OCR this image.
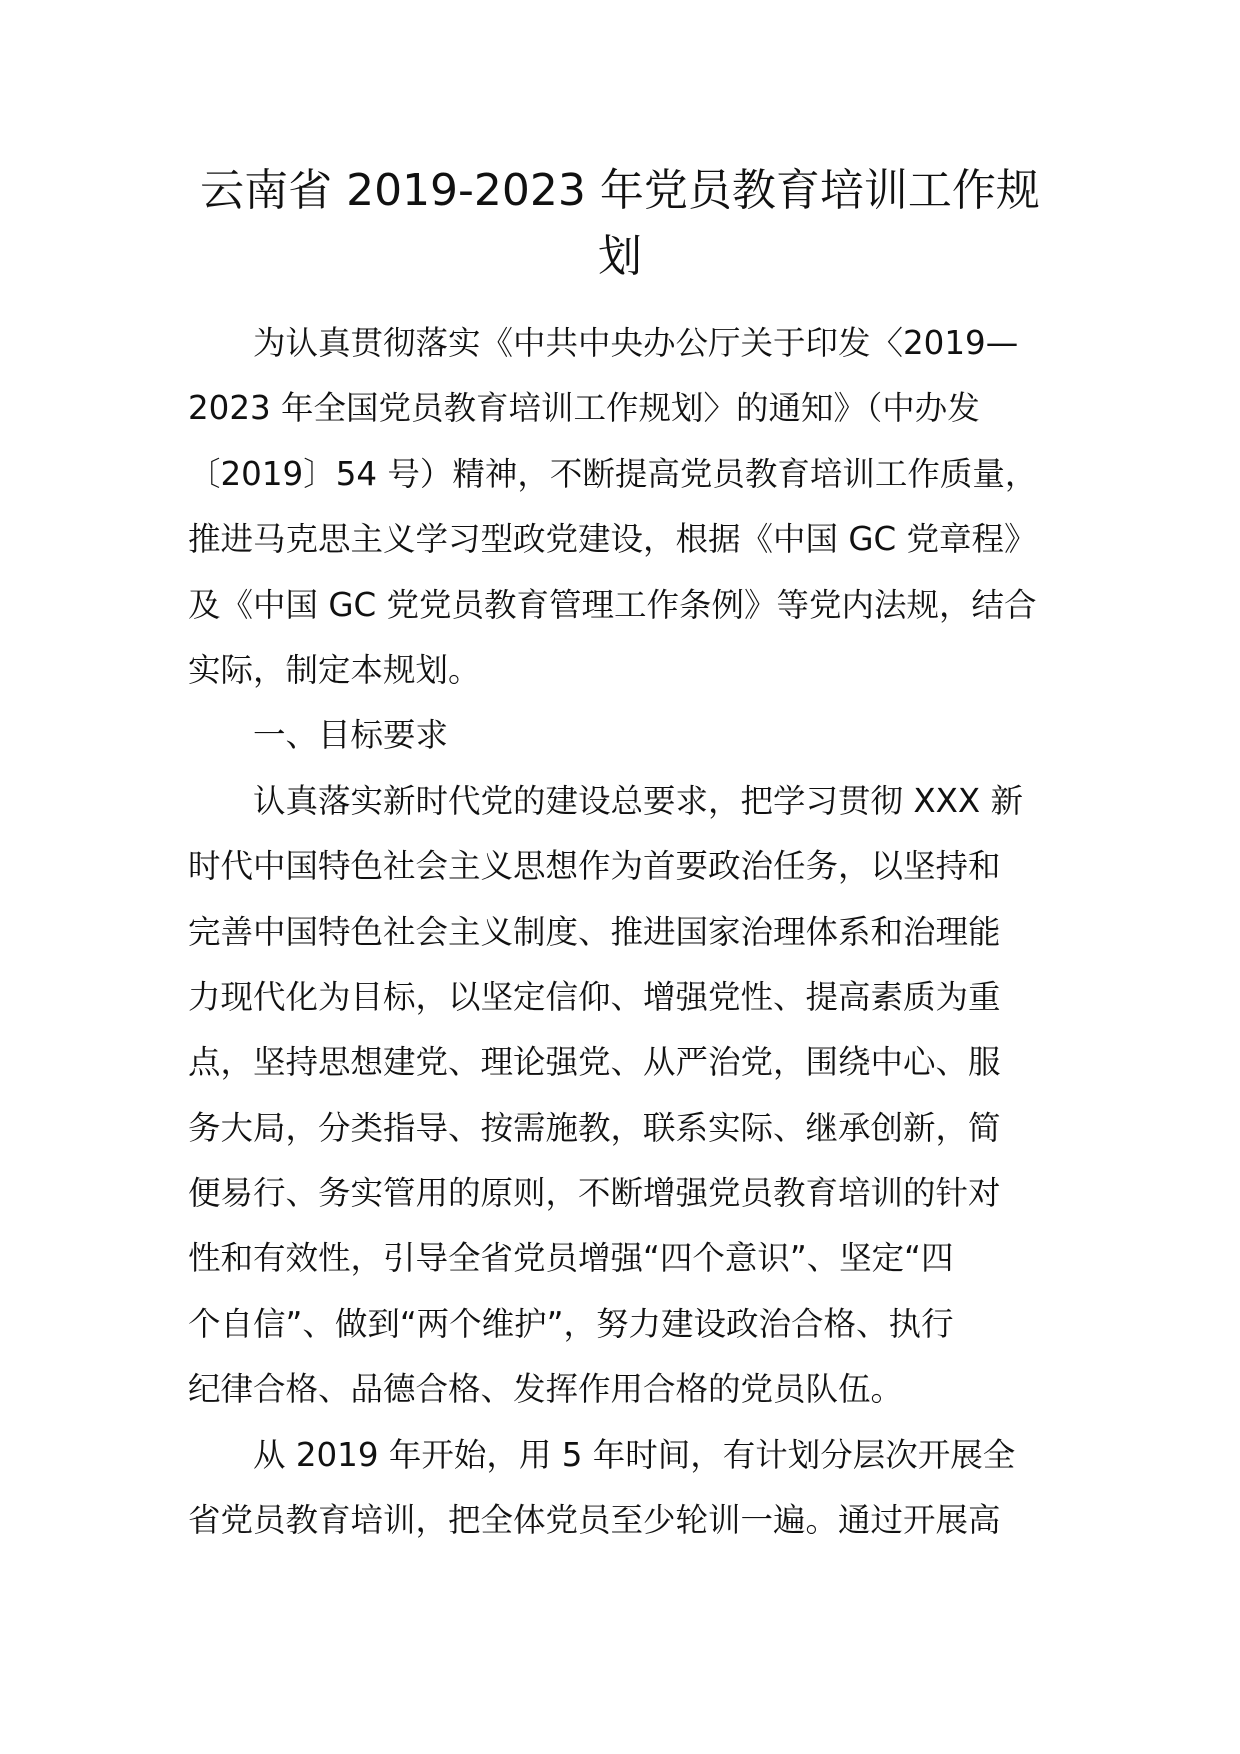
云南省 2019-2023 年党员教育培训工作规
划
为认真贯彻落实《中共中央办公厅关于印发〈2019—
2023 年全国党员教育培训工作规划〉的通知》（中办发
〔2019〕54 号）精神，不断提高党员教育培训工作质量，
推进马克思主义学习型政党建设，根据《中国 GC 党章程》
及《中国 GC 党党员教育管理工作条例》等党内法规，结合
实际，制定本规划。
一、目标要求
认真落实新时代党的建设总要求，把学习贯彻 XXX 新
时代中国特色社会主义思想作为首要政治任务，以坚持和
完善中国特色社会主义制度、推进国家治理体系和治理能
力现代化为目标，以坚定信仰、增强党性、提高素质为重
点，坚持思想建党、理论强党、从严治党，围绕中心、服
务大局，分类指导、按需施教，联系实际、继承创新，简
便易行、务实管用的原则，不断增强党员教育培训的针对
性和有效性，引导全省党员增强“四个意识”、坚定“四
个自信”、做到“两个维护”，努力建设政治合格、执行
纪律合格、品德合格、发挥作用合格的党员队伍。
从 2019 年开始，用 5 年时间，有计划分层次开展全
省党员教育培训，把全体党员至少轮训一遍。通过开展高
